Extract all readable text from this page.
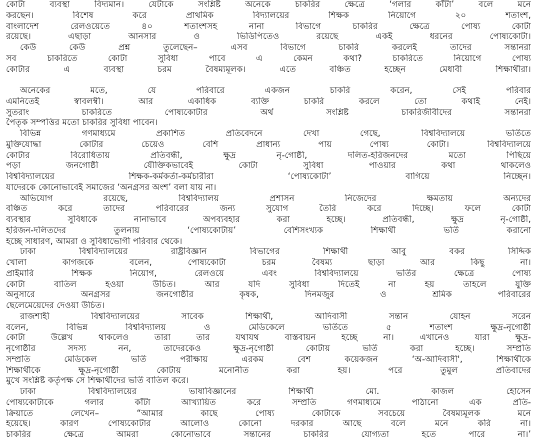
কোটা ব্যবস্থা বিদ্যমান। যেটাকে সংশ্লিষ্ট অনেকে চাকরির ক্ষেত্রে ‘গলার কাঁটা’ বলে মনে
করছেন। বিশেষ করে প্রাথমিক বিদ্যালয়ের শিক্ষক নিয়োগে ২০ শতাংশ,
বাংলাদেশ রেলওয়েতে ৪০ শতাংশসহ নানা বিভাগে চাকরির ক্ষেত্রে পোষ্য কোটা
রয়েছে। এছাড়া আনসার ও ভিডিপিতেও রয়েছে একই ধরনের পোষ্যকোটা।
কেউ কেউ প্রশ্ন তুলেছেন– এসব বিভাগে চাকরি করলেই তাদের সন্তানরা
সব চাকরিতে কোটা সুবিধা পাবে এ কেমন কথা? চাকরিতে নিয়োগে পোষ্য
কোটার এ ব্যবস্থা চরম বৈষম্যমূলক। এতে বঞ্চিত হচ্ছেন মেধাবী শিক্ষার্থীরা।
অনেকের মতে, যে পরিবারে একজন চাকরি করেন, সেই পরিবার
এমনিতেই স্বাবলম্বী। আর একাধিক ব্যক্তি চাকরি করলে তো কথাই নেই।
সুতরাং চাকরিতে পোষ্যকোটার অর্থ সংশ্লিষ্ট চাকরিজীবীদের সন্তানরা
পৈতৃক সম্পত্তির মতো চাকরির সুবিধা পাবেন।
বিভিন্ন গণমাধ্যমে প্রকাশিত প্রতিবেদনে দেখা গেছে, বিশ্ববিদ্যালয়ে ভর্তিতে
মুক্তিযোদ্ধা কোটার চেয়েও বেশি প্রাধান্য পায় পোষ্য কোটা। বিশ্ববিদ্যালয়ে
কোটার বিরোধিতায় প্রতিবন্ধী, ক্ষুদ্র নৃ-গোষ্ঠী, দলিত-হরিজনদের মতো পিছিয়ে
পড়া জনগোষ্ঠী যৌক্তিকভাবেই কোটা সুবিধা পাওয়ার কথা থাকলেও
বিশ্ববিদ্যালয়ের শিক্ষক-কর্মকর্তা-কর্মচারীরা ‘পোষ্যকোটা’ বাগিয়ে নিচ্ছেন।
যাদেরকে কোনোভাবেই সমাজের ‘অনগ্রসর অংশ’ বলা যায় না।
অভিযোগ রয়েছে, বিশ্ববিদ্যালয় প্রশাসন নিজেদের ক্ষমতায় অন্যদের
বঞ্চিত করে তাদের পরিবারের জন্য সুযোগ তৈরি করে দিচ্ছে। ফলে কোটা
ব্যবস্থার সুবিধাকে নানাভাবে অপব্যবহার করা হচ্ছে। প্রতিবন্ধী, ক্ষুদ্র নৃ-গোষ্ঠী,
হরিজন-দলিতদের তুলনায় ‘পোষ্যকোটায়’ বেশিসংখ্যক শিক্ষার্থী ভর্তি করানো
হচ্ছে সাধারণ, আমরা ও সুবিধাভোগী পরিবার থেকে।
ঢাকা বিশ্ববিদ্যালয়ের রাষ্ট্রবিজ্ঞান বিভাগের শিক্ষার্থী আবু বকর সিদ্দিক
খোলা কাগজকে বলেন, পোষ্যকোটা চরম বৈষম্য ছাড়া আর কিছু না।
প্রাইমারি শিক্ষক নিয়োগ, রেলওয়ে এবং বিশ্ববিদ্যালয়ে ভর্তির ক্ষেত্রে পোষ্য
কোটা বাতিল হওয়া উচিত। আর যদি সুবিধা দিতেই না হয় তাহলে যুক্তি
অনুসারে অনগ্রসর জনগোষ্ঠীর কৃষক, দিনমজুর ও শ্রমিক পরিবারের
ছেলেমেয়েদের দেওয়া উচিত।
রাজশাহী বিশ্ববিদ্যালয়ের সাবেক শিক্ষার্থী, আদিবাসী সন্তান যোহন সরেন
বলেন, বিভিন্ন বিশ্ববিদ্যালয় ও মেডিকেলে ভর্তিতে ৫ শতাংশ ক্ষুদ্র-নৃগোষ্ঠী
কোটা উল্লেখ থাকলেও তারা তার যথাযথ বাস্তবায়ন হচ্ছে না। এখানেও যারা ক্ষুদ্র-
নৃগোষ্ঠীর সদস্য নন, তাদেরকেও ক্ষুদ্র-নৃগোষ্ঠী কোটায় ভর্তি করা হচ্ছে। সম্প্রতি
সম্প্রতি মেডিকেল ভর্তি পরীক্ষায় এরকম বেশ কয়েকজন ‘অ-আদিবাসী', শিক্ষার্থীকে
শিক্ষার্থীকে ক্ষুদ্র-নৃগোষ্ঠী কোটায় মনোনীত করা হয়। পরে তুমুল প্রতিবাদের
মুখে সংশ্লিষ্ট কর্তৃপক্ষ সে শিক্ষার্থীদের ভর্তি বাতিল করে।
ঢাকা বিশ্ববিদ্যালয়ের ভাষাবিজ্ঞানের শিক্ষার্থী মো. কাজল হোসেন
পোষ্যকোটাকে গলার কাঁটা আখ্যায়িত করে সম্প্রতি গণমাধ্যমে পাঠানো এক প্রতি-
ক্রিয়াতে লেখেন– “আমার কাছে পোষ্য কোটাকে সবচেয়ে বৈষম্যমূলক মনে
হয়েছে। কারণ পোষ্যকোটার আলোও কোনো দরকার আছে বলে মনে করি না।
চাকরির ক্ষেত্রে আমরা কোনোভাবে সন্তানের চাকরির যোগ্যতা হতে পারে না।’
